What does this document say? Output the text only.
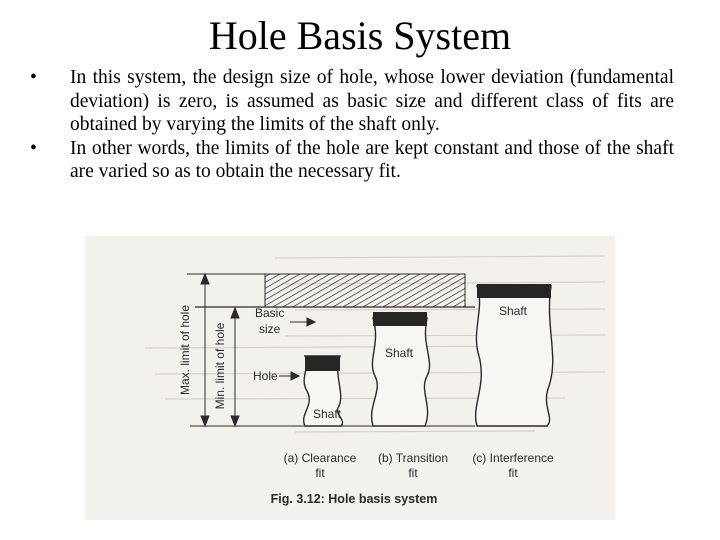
Hole Basis System
•	In this system, the design size of hole, whose lower deviation (fundamental deviation) is zero, is assumed as basic size and different class of fits are obtained by varying the limits of the shaft only.
•	In other words, the limits of the hole are kept constant and those of the shaft are varied so as to obtain the necessary fit.
Max. limit of hole Min. limit of hole
Basic
size
Hole
Shaft
Shaft
Shaft
(a) Clearance
fit
(b) Transition
fit
(c) Interference
fit
Fig. 3.12: Hole basis system
